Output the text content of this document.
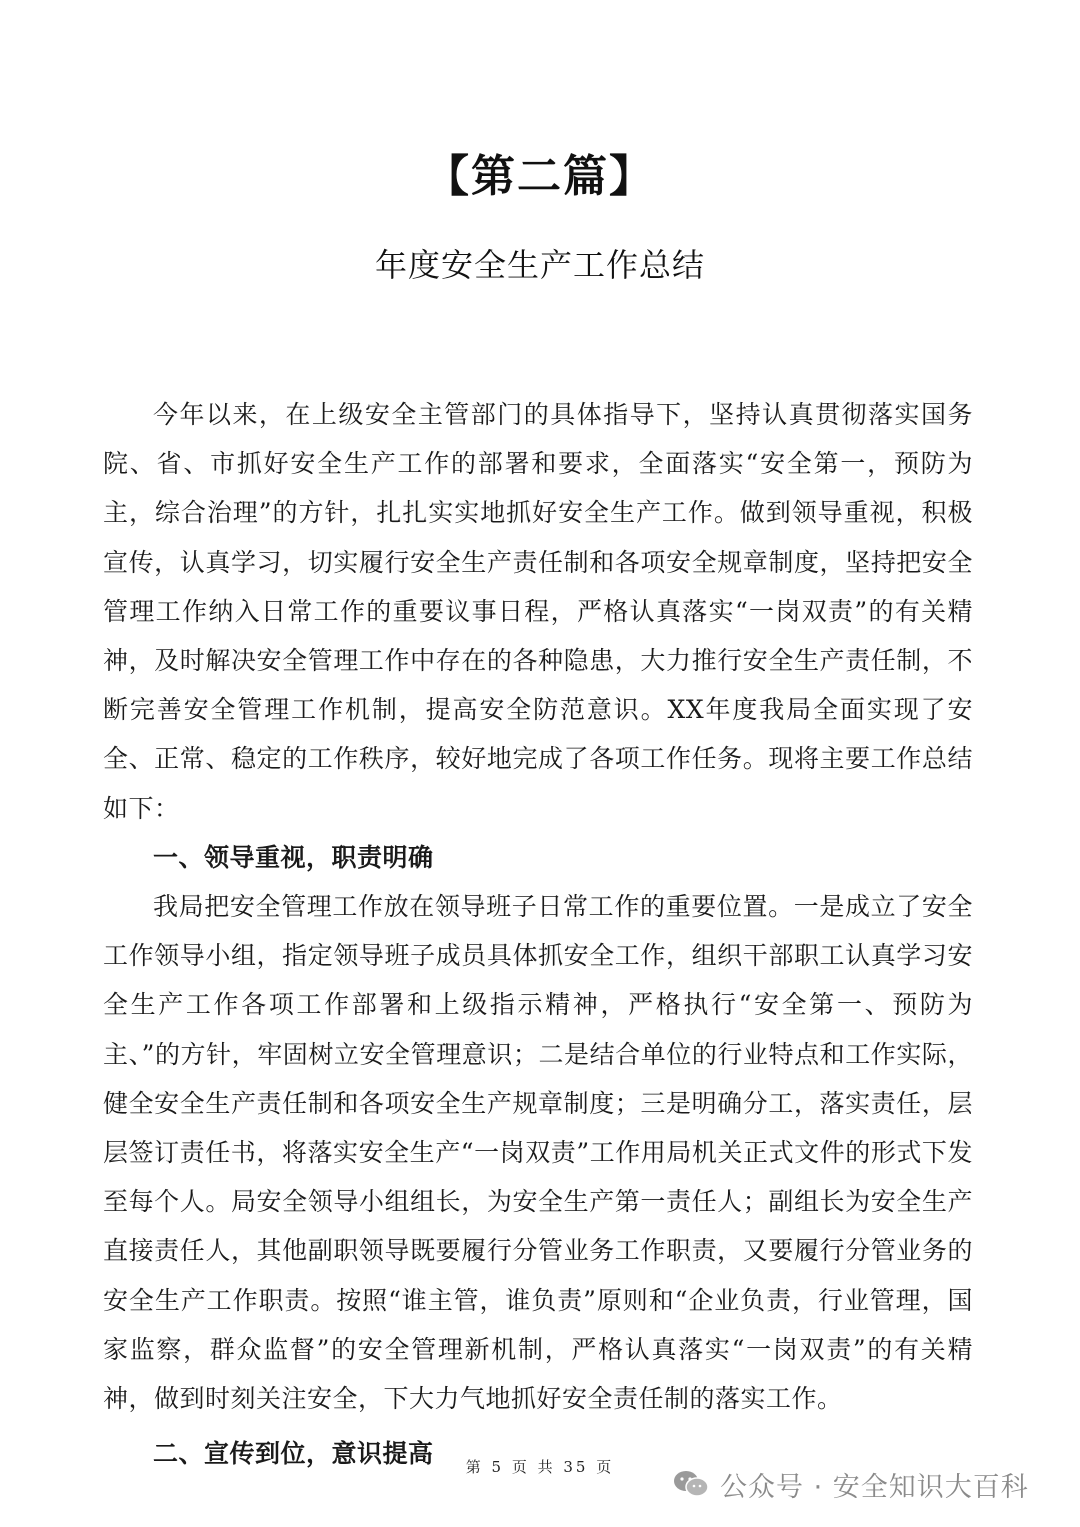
【第二篇】
年度安全生产工作总结

今年以来，在上级安全主管部门的具体指导下，坚持认真贯彻落实国务院、省、市抓好安全生产工作的部署和要求，全面落实“安全第一，预防为主，综合治理”的方针，扎扎实实地抓好安全生产工作。做到领导重视，积极宣传，认真学习，切实履行安全生产责任制和各项安全规章制度，坚持把安全管理工作纳入日常工作的重要议事日程，严格认真落实“一岗双责”的有关精神，及时解决安全管理工作中存在的各种隐患，大力推行安全生产责任制，不断完善安全管理工作机制，提高安全防范意识。XX年度我局全面实现了安全、正常、稳定的工作秩序，较好地完成了各项工作任务。现将主要工作总结如下：

一、领导重视，职责明确

我局把安全管理工作放在领导班子日常工作的重要位置。一是成立了安全工作领导小组，指定领导班子成员具体抓安全工作，组织干部职工认真学习安全生产工作各项工作部署和上级指示精神，严格执行“安全第一、预防为主、”的方针，牢固树立安全管理意识；二是结合单位的行业特点和工作实际，健全安全生产责任制和各项安全生产规章制度；三是明确分工，落实责任，层层签订责任书，将落实安全生产“一岗双责”工作用局机关正式文件的形式下发至每个人。局安全领导小组组长，为安全生产第一责任人；副组长为安全生产直接责任人，其他副职领导既要履行分管业务工作职责，又要履行分管业务的安全生产工作职责。按照“谁主管，谁负责”原则和“企业负责，行业管理，国家监察，群众监督”的安全管理新机制，严格认真落实“一岗双责”的有关精神，做到时刻关注安全，下大力气地抓好安全责任制的落实工作。

二、宣传到位，意识提高	第 5 页 共 35 页
公众号 · 安全知识大百科
